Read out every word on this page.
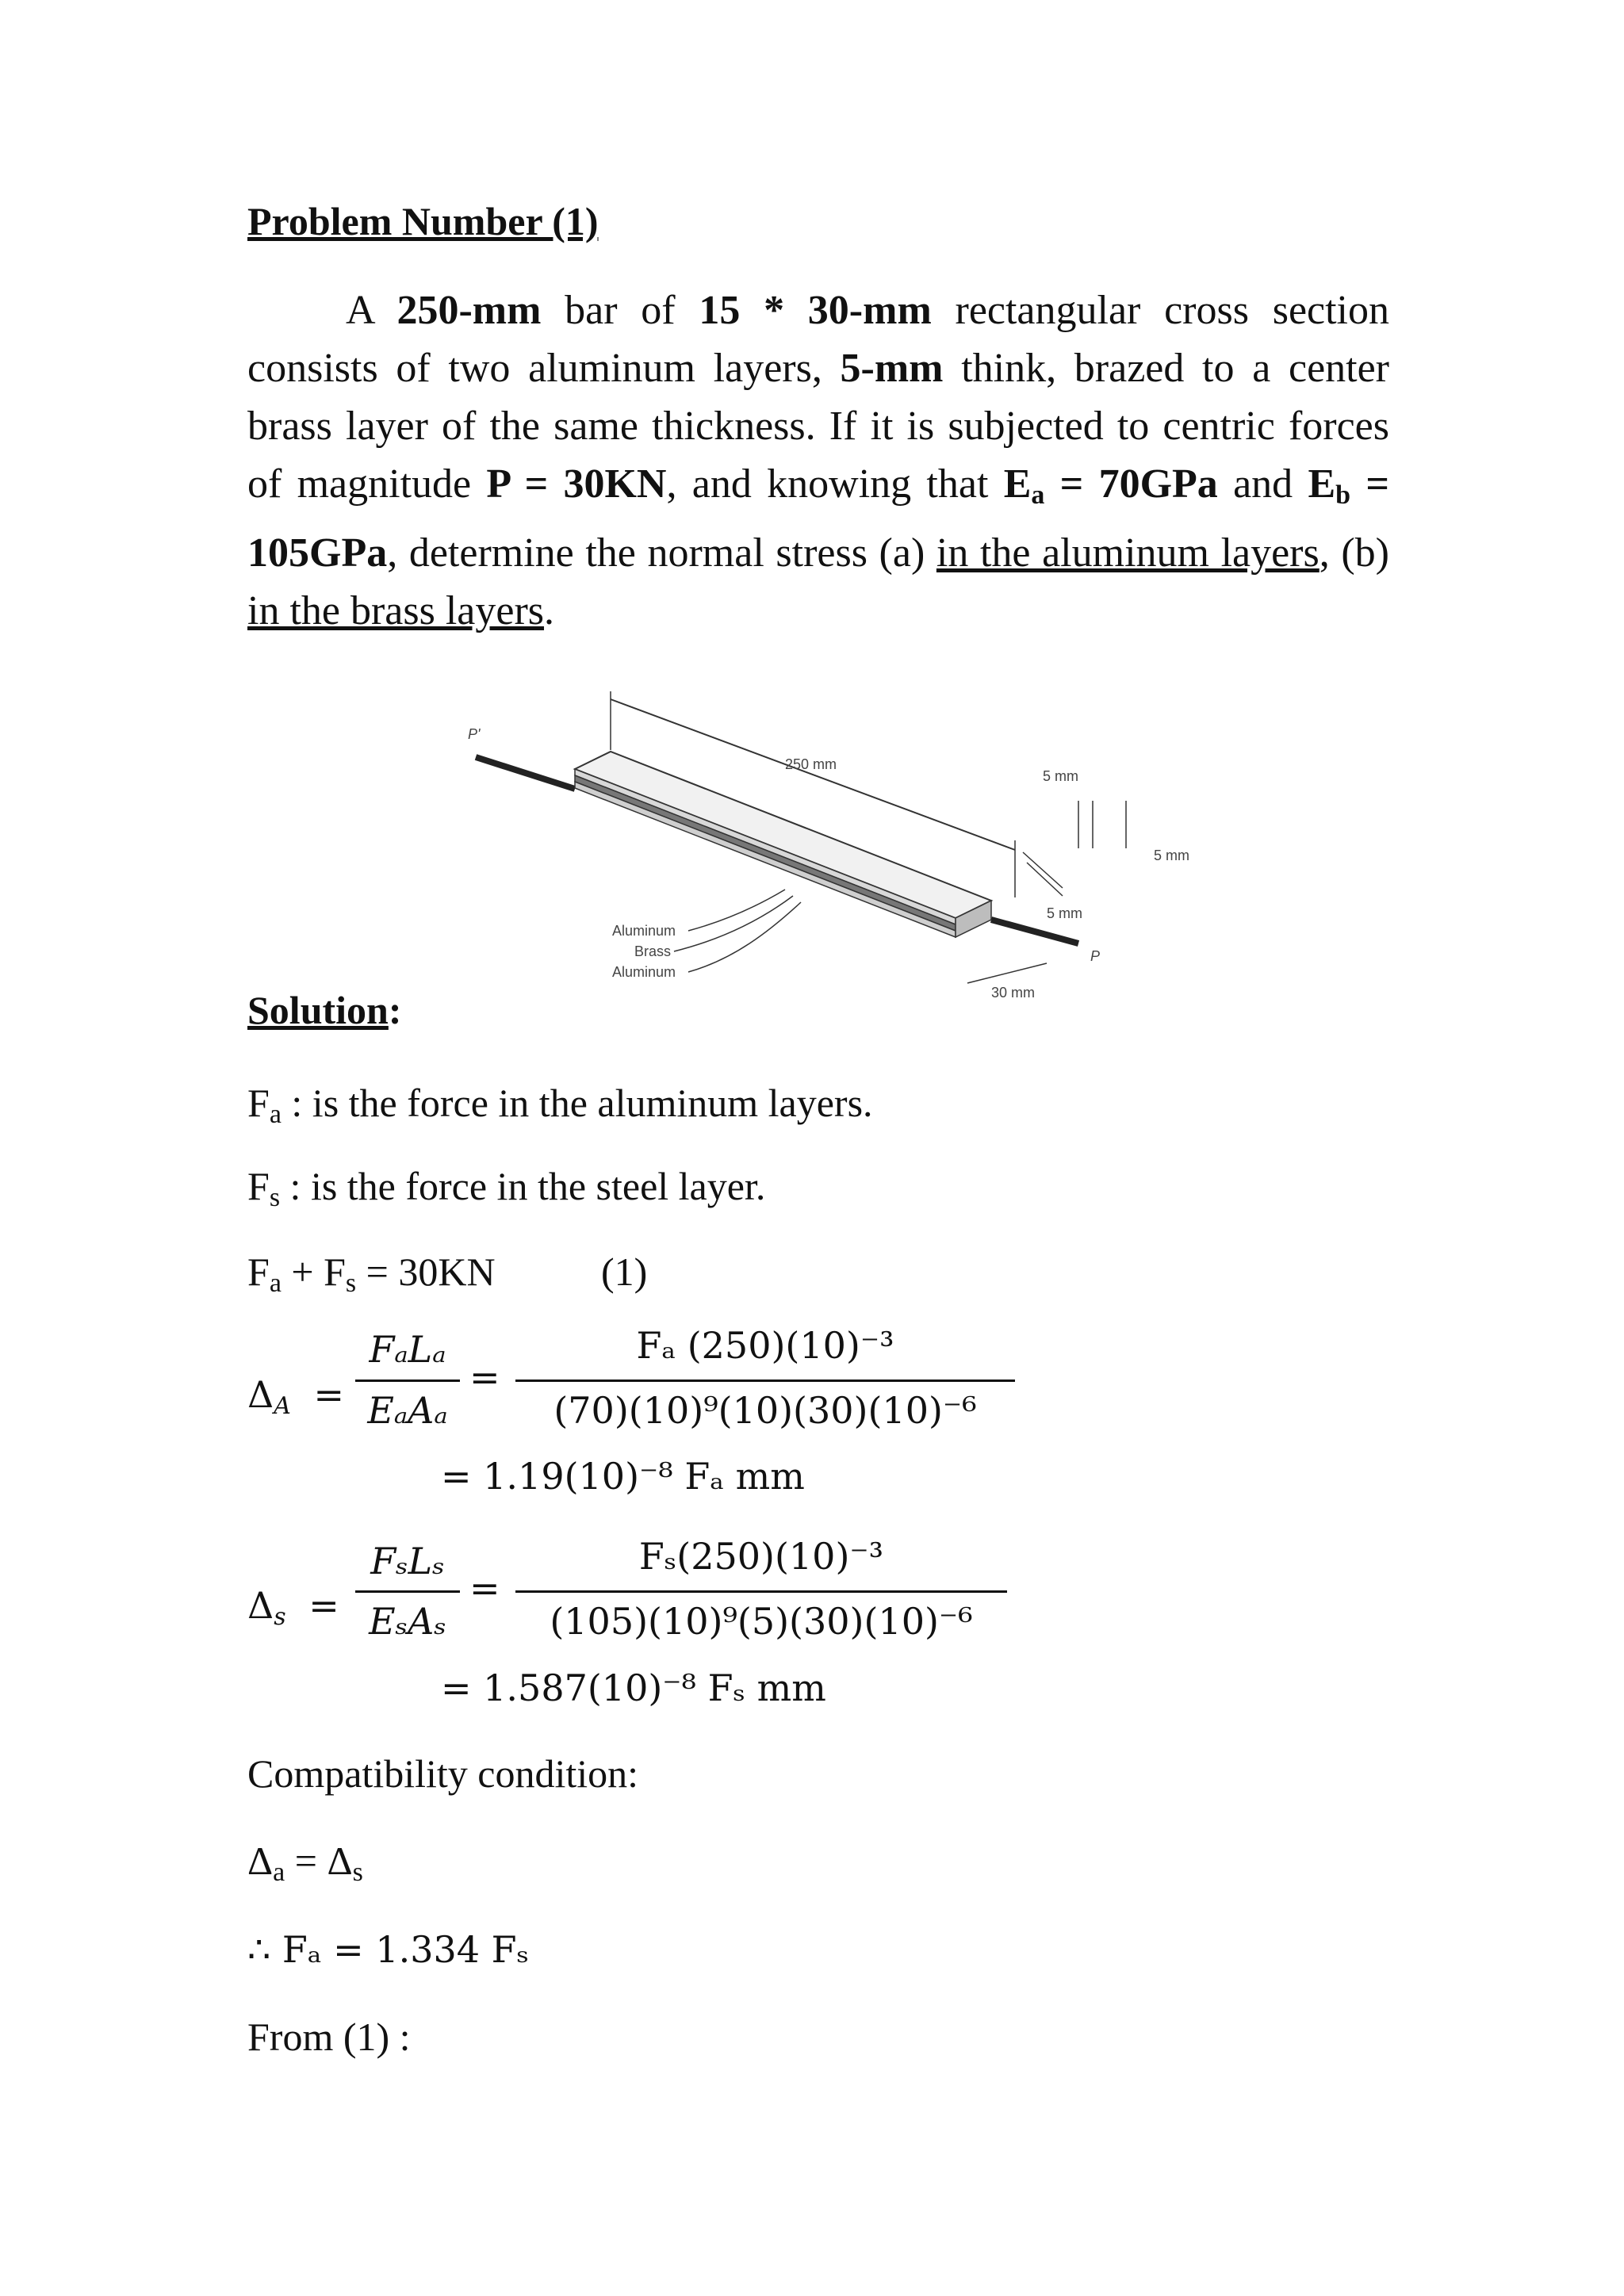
Problem Number (1)

A 250-mm bar of 15 * 30-mm rectangular cross section consists of two aluminum layers, 5-mm think, brazed to a center brass layer of the same thickness. If it is subjected to centric forces of magnitude P = 30KN, and knowing that $E_a = 70GPa$ and $E_b = 105GPa$, determine the normal stress (a) in the aluminum layers, (b) in the brass layers.

250 mm
P'
5 mm
5 mm
5 mm
P
30 mm
Aluminum
Brass
Aluminum
Solution:
$F_a$ : is the force in the aluminum layers.
$F_s$ : is the force in the steel layer.
$F_a + F_s = 30KN$	(1)
ΔA =
FₐLₐ
EₐAₐ
=
Fₐ (250)(10)⁻³
(70)(10)⁹(10)(30)(10)⁻⁶
= 1.19(10)⁻⁸ Fₐ mm
Δs =
FₛLₛ
EₛAₛ
=
Fₛ(250)(10)⁻³
(105)(10)⁹(5)(30)(10)⁻⁶
= 1.587(10)⁻⁸ Fₛ mm
Compatibility condition:
$\Delta_a = \Delta_s$
∴ Fₐ = 1.334 Fₛ
From (1) :
